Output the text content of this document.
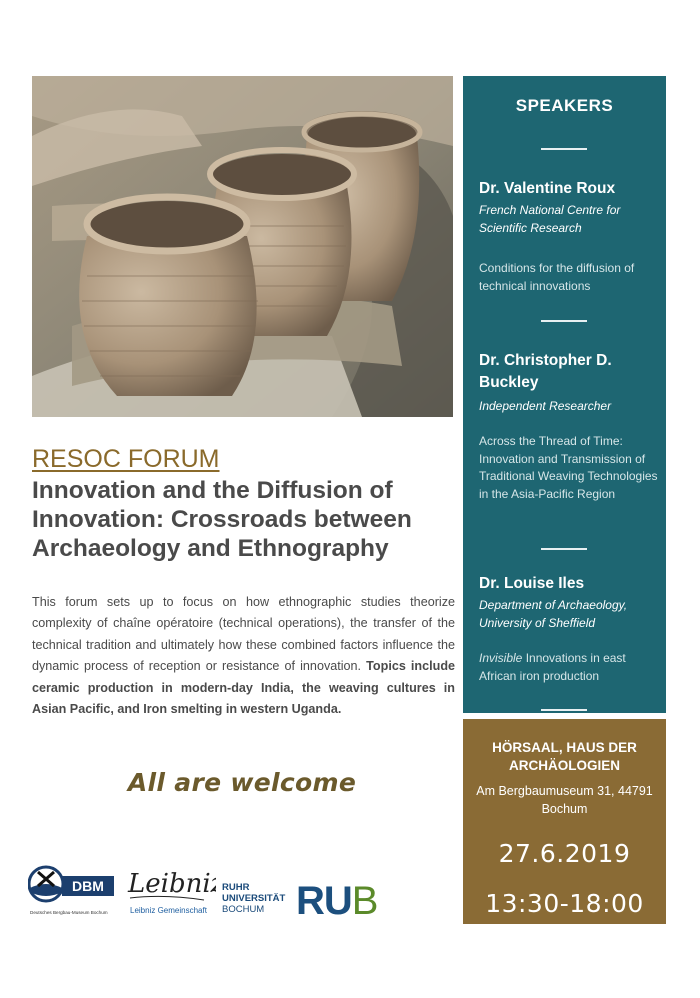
RESOC FORUM
Innovation and the Diffusion of Innovation: Crossroads between Archaeology and Ethnography

This forum sets up to focus on how ethnographic studies theorize complexity of chaîne opératoire (technical operations), the transfer of the technical tradition and ultimately how these combined factors influence the dynamic process of reception or resistance of innovation. Topics include ceramic production in modern-day India, the weaving cultures in Asian Pacific, and Iron smelting in western Uganda.

All are welcome
DBM
Deutsches Bergbau-Museum Bochum
Leibniz
Leibniz Gemeinschaft
RUHR
UNIVERSITÄT
BOCHUM RUB
SPEAKERS
Dr. Valentine Roux
French National Centre for Scientific Research
Conditions for the diffusion of technical innovations
Dr. Christopher D. Buckley
Independent Researcher
Across the Thread of Time: Innovation and Transmission of Traditional Weaving Technologies in the Asia-Pacific Region
Dr. Louise Iles
Department of Archaeology, University of Sheffield
Invisible Innovations in east African iron production
HÖRSAAL, HAUS DER ARCHÄOLOGIEN
Am Bergbaumuseum 31, 44791 Bochum
27.6.2019
13:30-18:00
